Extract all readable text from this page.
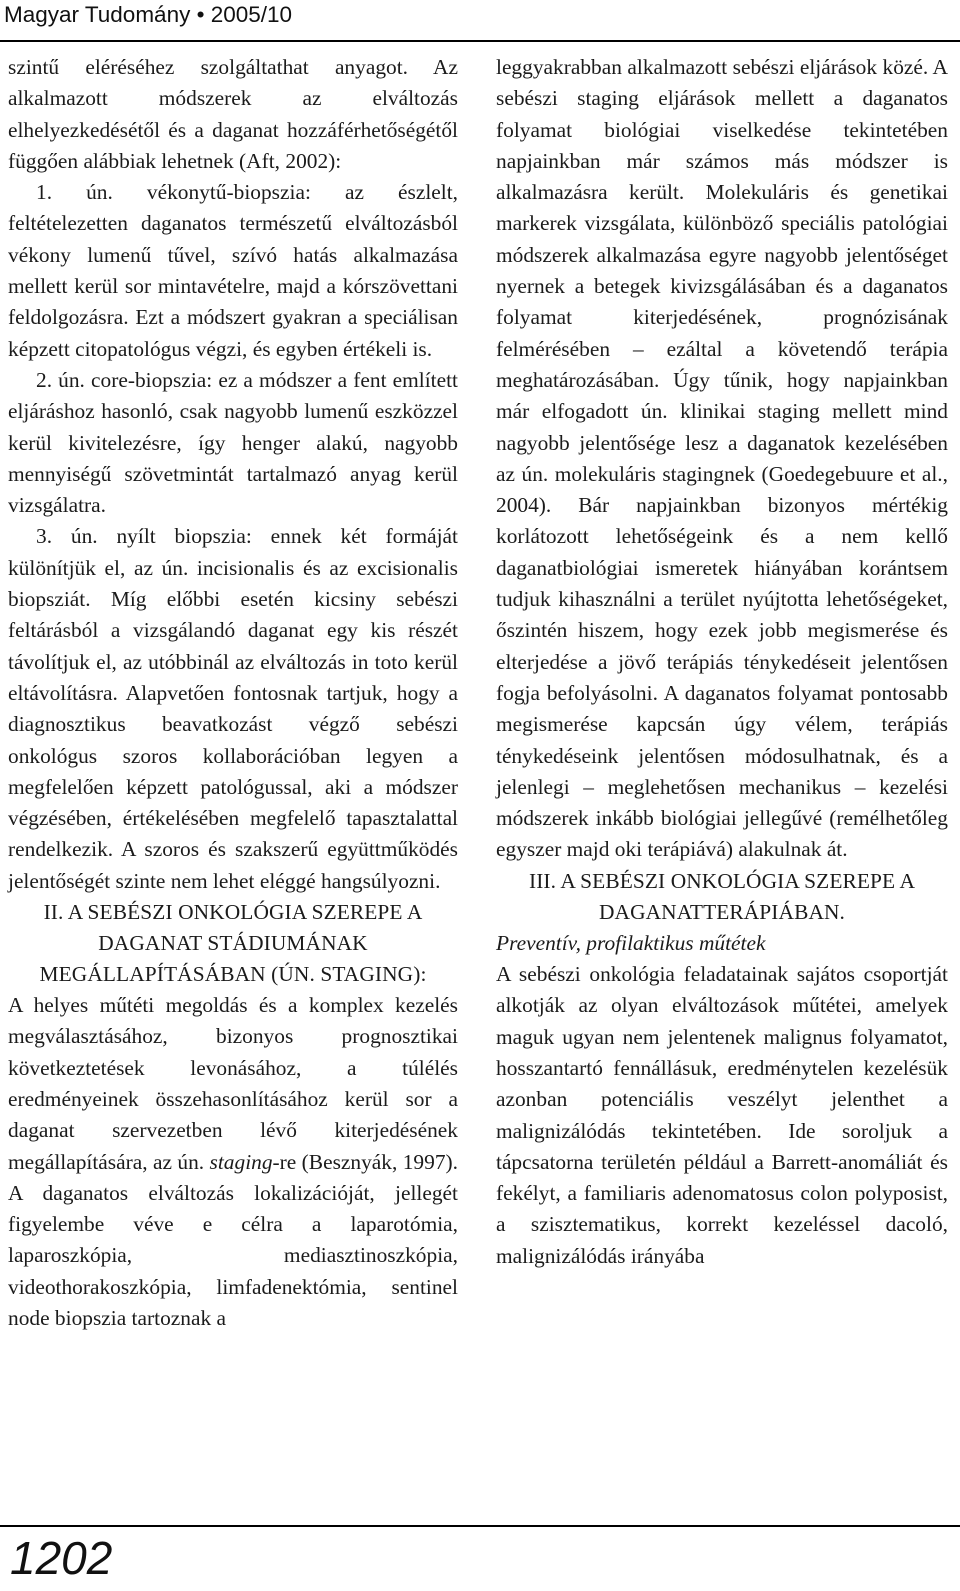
Magyar Tudomány • 2005/10

szintű eléréséhez szolgáltathat anyagot. Az alkalmazott módszerek az elváltozás elhelyezkedésétől és a daganat hozzáférhetőségétől függően alábbiak lehetnek (Aft, 2002):

1. ún. vékonytű-biopszia: az észlelt, feltételezetten daganatos természetű elváltozásból vékony lumenű tűvel, szívó hatás alkalmazása mellett kerül sor mintavételre, majd a kórszövettani feldolgozásra. Ezt a módszert gyakran a speciálisan képzett citopatológus végzi, és egyben értékeli is.

2. ún. core-biopszia: ez a módszer a fent említett eljáráshoz hasonló, csak nagyobb lumenű eszközzel kerül kivitelezésre, így henger alakú, nagyobb mennyiségű szövetmintát tartalmazó anyag kerül vizsgálatra.

3. ún. nyílt biopszia: ennek két formáját különítjük el, az ún. incisionalis és az excisionalis biopsziát. Míg előbbi esetén kicsiny sebészi feltárásból a vizsgálandó daganat egy kis részét távolítjuk el, az utóbbinál az elváltozás in toto kerül eltávolításra. Alapvetően fontosnak tartjuk, hogy a diagnosztikus beavatkozást végző sebészi onkológus szoros kollaborációban legyen a megfelelően képzett patológussal, aki a módszer végzésében, értékelésében megfelelő tapasztalattal rendelkezik. A szoros és szakszerű együttműködés jelentőségét szinte nem lehet eléggé hangsúlyozni.

II. A SEBÉSZI ONKOLÓGIA SZEREPE A DAGANAT STÁDIUMÁNAK MEGÁLLAPÍTÁSÁBAN (ÚN. STAGING):

A helyes műtéti megoldás és a komplex kezelés megválasztásához, bizonyos prognosztikai következtetések levonásához, a túlélés eredményeinek összehasonlításához kerül sor a daganat szervezetben lévő kiterjedésének megállapítására, az ún. staging-re (Besznyák, 1997). A daganatos elváltozás lokalizációját, jellegét figyelembe véve e célra a laparotómia, laparoszkópia, mediasztinoszkópia, videothorakoszkópia, limfadenektómia, sentinel node biopszia tartoznak a

leggyakrabban alkalmazott sebészi eljárások közé. A sebészi staging eljárások mellett a daganatos folyamat biológiai viselkedése tekintetében napjainkban már számos más módszer is alkalmazásra került. Molekuláris és genetikai markerek vizsgálata, különböző speciális patológiai módszerek alkalmazása egyre nagyobb jelentőséget nyernek a betegek kivizsgálásában és a daganatos folyamat kiterjedésének, prognózisának felmérésében – ezáltal a követendő terápia meghatározásában. Úgy tűnik, hogy napjainkban már elfogadott ún. klinikai staging mellett mind nagyobb jelentősége lesz a daganatok kezelésében az ún. molekuláris stagingnek (Goedegebuure et al., 2004). Bár napjainkban bizonyos mértékig korlátozott lehetőségeink és a nem kellő daganatbiológiai ismeretek hiányában korántsem tudjuk kihasználni a terület nyújtotta lehetőségeket, őszintén hiszem, hogy ezek jobb megismerése és elterjedése a jövő terápiás ténykedéseit jelentősen fogja befolyásolni. A daganatos folyamat pontosabb megismerése kapcsán úgy vélem, terápiás ténykedéseink jelentősen módosulhatnak, és a jelenlegi – meglehetősen mechanikus – kezelési módszerek inkább biológiai jellegűvé (remélhetőleg egyszer majd oki terápiává) alakulnak át.

III. A SEBÉSZI ONKOLÓGIA SZEREPE A DAGANATTERÁPIÁBAN.

Preventív, profilaktikus műtétek

A sebészi onkológia feladatainak sajátos csoportját alkotják az olyan elváltozások műtétei, amelyek maguk ugyan nem jelentenek malignus folyamatot, hosszantartó fennállásuk, eredménytelen kezelésük azonban potenciális veszélyt jelenthet a malignizálódás tekintetében. Ide soroljuk a tápcsatorna területén például a Barrett-anomáliát és fekélyt, a familiaris adenomatosus colon polyposist, a szisztematikus, korrekt kezeléssel dacoló, malignizálódás irányába

1202
